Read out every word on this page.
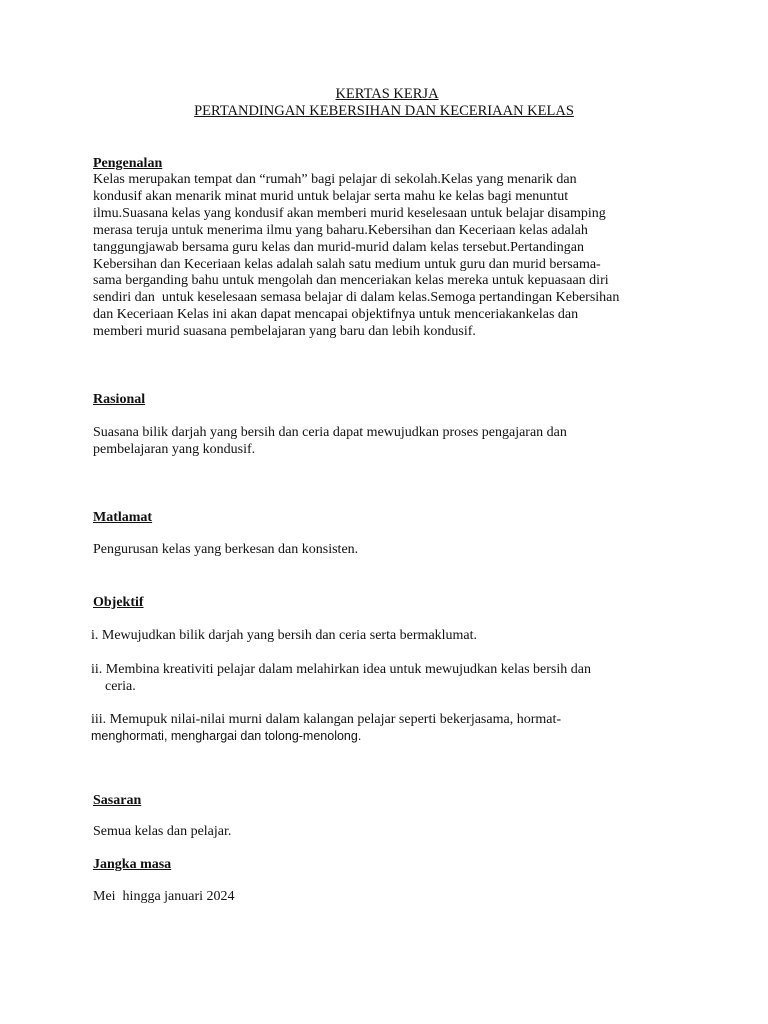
KERTAS KERJA
PERTANDINGAN KEBERSIHAN DAN KECERIAAN KELAS
Pengenalan
Kelas merupakan tempat dan “rumah” bagi pelajar di sekolah.Kelas yang menarik dan
kondusif akan menarik minat murid untuk belajar serta mahu ke kelas bagi menuntut
ilmu.Suasana kelas yang kondusif akan memberi murid keselesaan untuk belajar disamping
merasa teruja untuk menerima ilmu yang baharu.Kebersihan dan Keceriaan kelas adalah
tanggungjawab bersama guru kelas dan murid-murid dalam kelas tersebut.Pertandingan
Kebersihan dan Keceriaan kelas adalah salah satu medium untuk guru dan murid bersama-
sama berganding bahu untuk mengolah dan menceriakan kelas mereka untuk kepuasaan diri
sendiri dan  untuk keselesaan semasa belajar di dalam kelas.Semoga pertandingan Kebersihan
dan Keceriaan Kelas ini akan dapat mencapai objektifnya untuk menceriakankelas dan
memberi murid suasana pembelajaran yang baru dan lebih kondusif.
Rasional
Suasana bilik darjah yang bersih dan ceria dapat mewujudkan proses pengajaran dan
pembelajaran yang kondusif.
Matlamat
Pengurusan kelas yang berkesan dan konsisten.
Objektif
i. Mewujudkan bilik darjah yang bersih dan ceria serta bermaklumat.
ii. Membina kreativiti pelajar dalam melahirkan idea untuk mewujudkan kelas bersih dan
ceria.
iii. Memupuk nilai-nilai murni dalam kalangan pelajar seperti bekerjasama, hormat-
menghormati, menghargai dan tolong-menolong.
Sasaran
Semua kelas dan pelajar.
Jangka masa
Mei  hingga januari 2024
